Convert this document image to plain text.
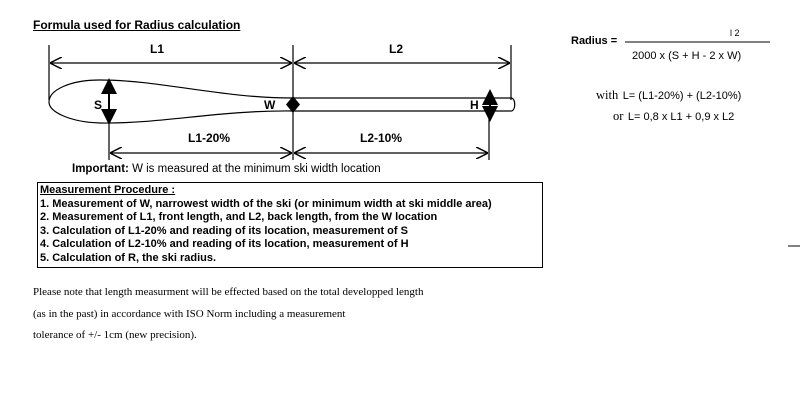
Formula used for Radius calculation
L1	L2
S	W	H
L1-20%	L2-10%
Important: W is measured at the minimum ski width location
Measurement Procedure :
1. Measurement of W, narrowest width of the ski (or minimum width at ski middle area)
2. Measurement of L1, front length, and L2, back length, from the W location
3. Calculation of L1-20% and reading of its location, measurement of S
4. Calculation of L2-10% and reading of its location, measurement of H
5. Calculation of R, the ski radius.
Please note that length measurment will be effected based on the total developped length
(as in the past) in accordance with ISO Norm including a measurement
tolerance of +/- 1cm (new precision).
Radius =
l 2
2000 x (S + H - 2 x W)
with L= (L1-20%) + (L2-10%)
or L= 0,8 x L1 + 0,9 x L2
